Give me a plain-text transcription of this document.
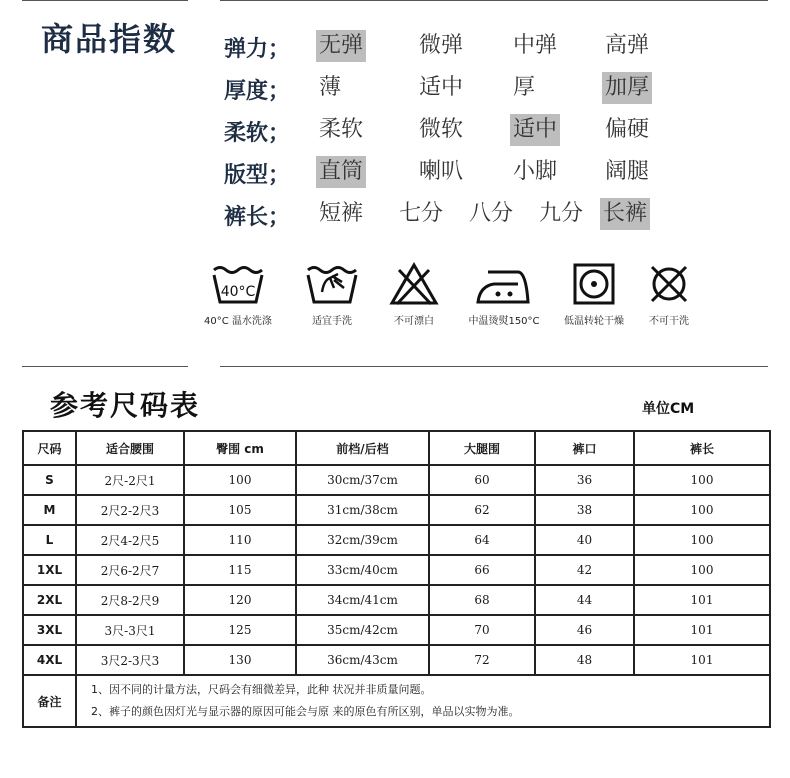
商品指数 弹力； 无弹	微弹 中弹 高弹
厚度； 薄	适中 厚	加厚
柔软； 柔软	微软 适中 偏硬
版型； 直筒	喇叭 小脚 阔腿
裤长； 短裤 七分 八分 九分 长裤
40°C
40°C 温水洗涤	适宜手洗	不可漂白	中温烫熨150°C	低温转轮干燥	不可干洗
参考尺码表	单位CM
尺码	适合腰围	臀围 cm	前档/后档	大腿围	裤口	裤长
S	2尺-2尺1	100	30cm/37cm	60	36	100
M	2尺2-2尺3	105	31cm/38cm	62	38	100
L	2尺4-2尺5	110	32cm/39cm	64	40	100
1XL	2尺6-2尺7	115	33cm/40cm	66	42	100
2XL	2尺8-2尺9	120	34cm/41cm	68	44	101
3XL	3尺-3尺1	125	35cm/42cm	70	46	101
4XL	3尺2-3尺3	130	36cm/43cm	72	48	101
备注	1、因不同的计量方法，尺码会有细微差异，此种 状况并非质量问题。
2、裤子的颜色因灯光与显示器的原因可能会与原 来的原色有所区别，单品以实物为准。					
